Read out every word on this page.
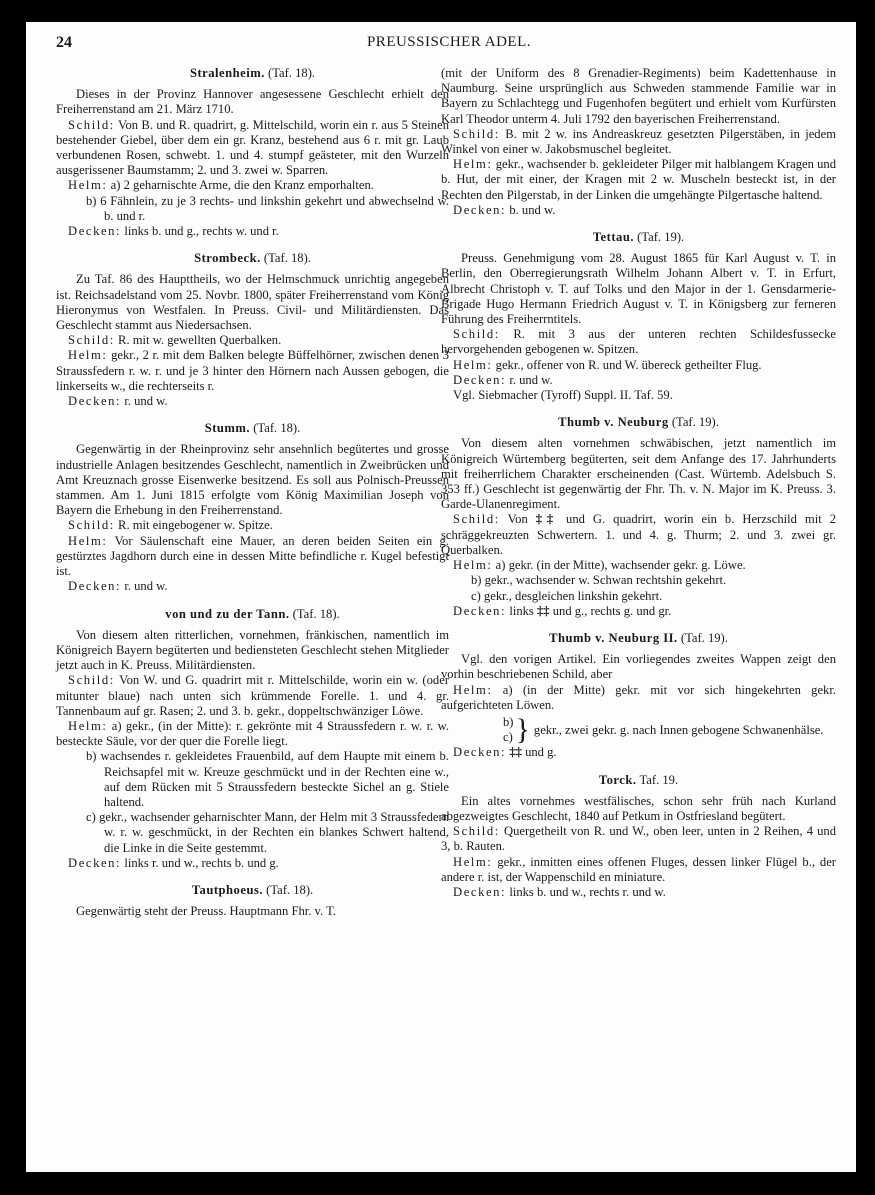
24	PREUSSISCHER ADEL.
Stralenheim. (Taf. 18).

Dieses in der Provinz Hannover angesessene Geschlecht erhielt den Freiherrenstand am 21. März 1710.

Schild: Von B. und R. quadrirt, g. Mittelschild, worin ein r. aus 5 Steinen bestehender Giebel, über dem ein gr. Kranz, bestehend aus 6 r. mit gr. Laub verbundenen Rosen, schwebt. 1. und 4. stumpf geästeter, mit den Wurzeln ausgerissener Baumstamm; 2. und 3. zwei w. Sparren.

Helm: a) 2 geharnischte Arme, die den Kranz emporhalten.

b) 6 Fähnlein, zu je 3 rechts- und linkshin gekehrt und abwechselnd w. b. und r.

Decken: links b. und g., rechts w. und r.

Strombeck. (Taf. 18).

Zu Taf. 86 des Haupttheils, wo der Helmschmuck unrichtig angegeben ist. Reichsadelstand vom 25. Novbr. 1800, später Freiherrenstand vom König Hieronymus von Westfalen. In Preuss. Civil- und Militärdiensten. Das Geschlecht stammt aus Niedersachsen.

Schild: R. mit w. gewellten Querbalken.

Helm: gekr., 2 r. mit dem Balken belegte Büffelhörner, zwischen denen 3 Straussfedern r. w. r. und je 3 hinter den Hörnern nach Aussen gebogen, die linkerseits w., die rechterseits r.

Decken: r. und w.

Stumm. (Taf. 18).

Gegenwärtig in der Rheinprovinz sehr ansehnlich begütertes und grosse industrielle Anlagen besitzendes Geschlecht, namentlich in Zweibrücken und Amt Kreuznach grosse Eisenwerke besitzend. Es soll aus Polnisch-Preussen stammen. Am 1. Juni 1815 erfolgte vom König Maximilian Joseph von Bayern die Erhebung in den Freiherrenstand.

Schild: R. mit eingebogener w. Spitze.

Helm: Vor Säulenschaft eine Mauer, an deren beiden Seiten ein g. gestürztes Jagdhorn durch eine in dessen Mitte befindliche r. Kugel befestigt ist.

Decken: r. und w.

von und zu der Tann. (Taf. 18).

Von diesem alten ritterlichen, vornehmen, fränkischen, namentlich im Königreich Bayern begüterten und bediensteten Geschlecht stehen Mitglieder jetzt auch in K. Preuss. Militärdiensten.

Schild: Von W. und G. quadrirt mit r. Mittelschilde, worin ein w. (oder mitunter blaue) nach unten sich krümmende Forelle. 1. und 4. gr. Tannenbaum auf gr. Rasen; 2. und 3. b. gekr., doppeltschwänziger Löwe.

Helm: a) gekr., (in der Mitte): r. gekrönte mit 4 Straussfedern r. w. r. w. besteckte Säule, vor der quer die Forelle liegt.

b) wachsendes r. gekleidetes Frauenbild, auf dem Haupte mit einem b. Reichsapfel mit w. Kreuze geschmückt und in der Rechten eine w., auf dem Rücken mit 5 Straussfedern besteckte Sichel an g. Stiele haltend.

c) gekr., wachsender geharnischter Mann, der Helm mit 3 Straussfedern w. r. w. geschmückt, in der Rechten ein blankes Schwert haltend, die Linke in die Seite gestemmt.

Decken: links r. und w., rechts b. und g.

Tautphoeus. (Taf. 18).

Gegenwärtig steht der Preuss. Hauptmann Fhr. v. T.

(mit der Uniform des 8 Grenadier-Regiments) beim Kadettenhause in Naumburg. Seine ursprünglich aus Schweden stammende Familie war in Bayern zu Schlachtegg und Fugenhofen begütert und erhielt vom Kurfürsten Karl Theodor unterm 4. Juli 1792 den bayerischen Freiherrenstand.

Schild: B. mit 2 w. ins Andreaskreuz gesetzten Pilgerstäben, in jedem Winkel von einer w. Jakobsmuschel begleitet.

Helm: gekr., wachsender b. gekleideter Pilger mit halblangem Kragen und b. Hut, der mit einer, der Kragen mit 2 w. Muscheln besteckt ist, in der Rechten den Pilgerstab, in der Linken die umgehängte Pilgertasche haltend.

Decken: b. und w.

Tettau. (Taf. 19).

Preuss. Genehmigung vom 28. August 1865 für Karl August v. T. in Berlin, den Oberregierungsrath Wilhelm Johann Albert v. T. in Erfurt, Albrecht Christoph v. T. auf Tolks und den Major in der 1. Gensdarmerie-Brigade Hugo Hermann Friedrich August v. T. in Königsberg zur ferneren Führung des Freiherrntitels.

Schild: R. mit 3 aus der unteren rechten Schildesfussecke hervorgehenden gebogenen w. Spitzen.

Helm: gekr., offener von R. und W. übereck getheilter Flug.

Decken: r. und w.

Vgl. Siebmacher (Tyroff) Suppl. II. Taf. 59.

Thumb v. Neuburg (Taf. 19).

Von diesem alten vornehmen schwäbischen, jetzt namentlich im Königreich Würtemberg begüterten, seit dem Anfange des 17. Jahrhunderts mit freiherrlichem Charakter erscheinenden (Cast. Würtemb. Adelsbuch S. 353 ff.) Geschlecht ist gegenwärtig der Fhr. Th. v. N. Major im K. Preuss. 3. Garde-Ulanenregiment.

Schild: Von ‡‡ und G. quadrirt, worin ein b. Herzschild mit 2 schräggekreuzten Schwertern. 1. und 4. g. Thurm; 2. und 3. zwei gr. Querbalken.

Helm: a) gekr. (in der Mitte), wachsender gekr. g. Löwe.

b) gekr., wachsender w. Schwan rechtshin gekehrt.

c) gekr., desgleichen linkshin gekehrt.

Decken: links ‡‡ und g., rechts g. und gr.

Thumb v. Neuburg II. (Taf. 19).

Vgl. den vorigen Artikel. Ein vorliegendes zweites Wappen zeigt den vorhin beschriebenen Schild, aber

Helm: a) (in der Mitte) gekr. mit vor sich hingekehrten gekr. aufgerichteten Löwen.

b)
c) } gekr., zwei gekr. g. nach Innen gebogene Schwanenhälse.

Decken: ‡‡ und g.

Torck. Taf. 19.

Ein altes vornehmes westfälisches, schon sehr früh nach Kurland abgezweigtes Geschlecht, 1840 auf Petkum in Ostfriesland begütert.

Schild: Quergetheilt von R. und W., oben leer, unten in 2 Reihen, 4 und 3, b. Rauten.

Helm: gekr., inmitten eines offenen Fluges, dessen linker Flügel b., der andere r. ist, der Wappenschild en miniature.

Decken: links b. und w., rechts r. und w.
